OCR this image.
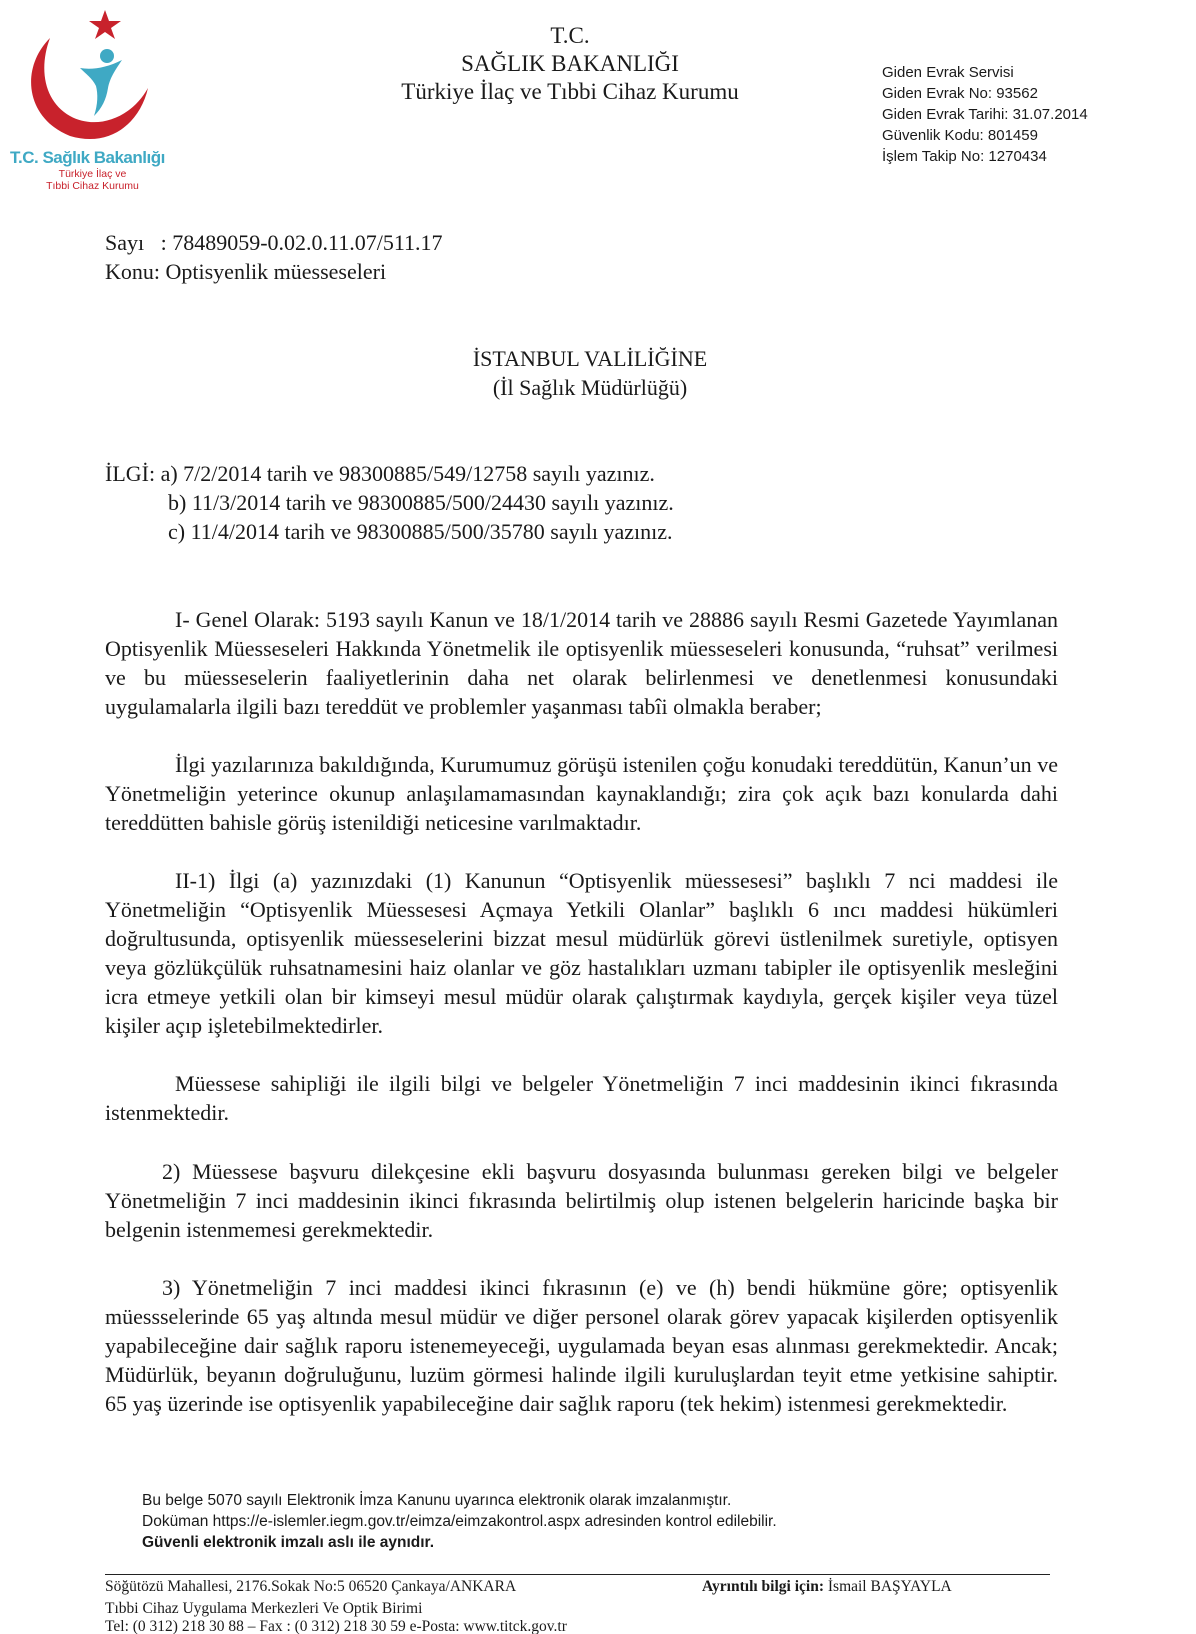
T.C. Sağlık Bakanlığı
Türkiye İlaç ve
Tıbbi Cihaz Kurumu
T.C.
SAĞLIK BAKANLIĞI
Türkiye İlaç ve Tıbbi Cihaz Kurumu
Giden Evrak Servisi
Giden Evrak No: 93562
Giden Evrak Tarihi: 31.07.2014
Güvenlik Kodu: 801459
İşlem Takip No: 1270434
Sayı   : 78489059-0.02.0.11.07/511.17
Konu: Optisyenlik müesseseleri
İSTANBUL VALİLİĞİNE
(İl Sağlık Müdürlüğü)
İLGİ: a) 7/2/2014 tarih ve 98300885/549/12758 sayılı yazınız.
b) 11/3/2014 tarih ve 98300885/500/24430 sayılı yazınız.
c) 11/4/2014 tarih ve 98300885/500/35780 sayılı yazınız.
I- Genel Olarak: 5193 sayılı Kanun ve 18/1/2014 tarih ve 28886 sayılı Resmi Gazetede Yayımlanan Optisyenlik Müesseseleri Hakkında Yönetmelik ile optisyenlik müesseseleri konusunda, “ruhsat” verilmesi ve bu müesseselerin faaliyetlerinin daha net olarak belirlenmesi ve denetlenmesi konusundaki uygulamalarla ilgili bazı tereddüt ve problemler yaşanması tabîi olmakla beraber;
İlgi yazılarınıza bakıldığında, Kurumumuz görüşü istenilen çoğu konudaki tereddütün, Kanun’un ve Yönetmeliğin yeterince okunup anlaşılamamasından kaynaklandığı; zira çok açık bazı konularda dahi tereddütten bahisle görüş istenildiği neticesine varılmaktadır.
II-1) İlgi (a) yazınızdaki (1) Kanunun “Optisyenlik müessesesi” başlıklı 7 nci maddesi ile Yönetmeliğin “Optisyenlik Müessesesi Açmaya Yetkili Olanlar” başlıklı 6 ıncı maddesi hükümleri doğrultusunda, optisyenlik müesseselerini bizzat mesul müdürlük görevi üstlenilmek suretiyle, optisyen veya gözlükçülük ruhsatnamesini haiz olanlar ve göz hastalıkları uzmanı tabipler ile optisyenlik mesleğini icra etmeye yetkili olan bir kimseyi mesul müdür olarak çalıştırmak kaydıyla, gerçek kişiler veya tüzel kişiler açıp işletebilmektedirler.
Müessese sahipliği ile ilgili bilgi ve belgeler Yönetmeliğin 7 inci maddesinin ikinci fıkrasında istenmektedir.
2) Müessese başvuru dilekçesine ekli başvuru dosyasında bulunması gereken bilgi ve belgeler Yönetmeliğin 7 inci maddesinin ikinci fıkrasında belirtilmiş olup istenen belgelerin haricinde başka bir belgenin istenmemesi gerekmektedir.
3) Yönetmeliğin 7 inci maddesi ikinci fıkrasının (e) ve (h) bendi hükmüne göre; optisyenlik müessselerinde 65 yaş altında mesul müdür ve diğer personel olarak görev yapacak kişilerden optisyenlik yapabileceğine dair sağlık raporu istenemeyeceği, uygulamada beyan esas alınması gerekmektedir. Ancak; Müdürlük, beyanın doğruluğunu, luzüm görmesi halinde ilgili kuruluşlardan teyit etme yetkisine sahiptir. 65 yaş üzerinde ise optisyenlik yapabileceğine dair sağlık raporu (tek hekim) istenmesi gerekmektedir.
Bu belge 5070 sayılı Elektronik İmza Kanunu uyarınca elektronik olarak imzalanmıştır.
Doküman https://e-islemler.iegm.gov.tr/eimza/eimzakontrol.aspx adresinden kontrol edilebilir.
Güvenli elektronik imzalı aslı ile aynıdır.
Söğütözü Mahallesi, 2176.Sokak No:5 06520 Çankaya/ANKARA
Tıbbi Cihaz Uygulama Merkezleri Ve Optik Birimi
Tel: (0 312) 218 30 88 – Fax : (0 312) 218 30 59 e-Posta: www.titck.gov.tr
Ayrıntılı bilgi için: İsmail BAŞYAYLA
